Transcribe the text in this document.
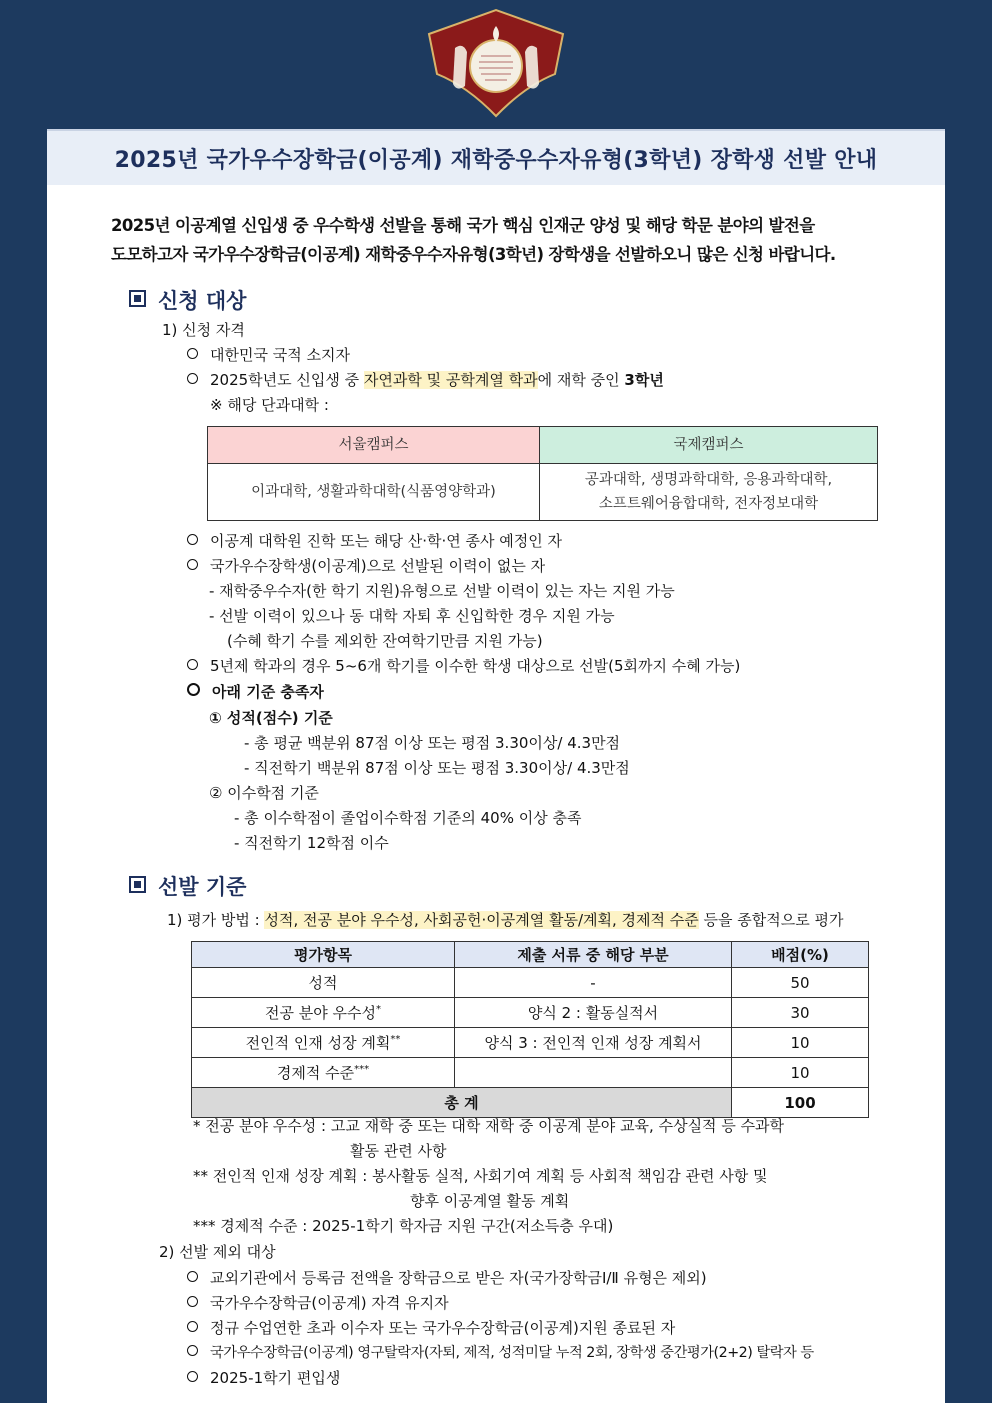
2025년 국가우수장학금(이공계) 재학중우수자유형(3학년) 장학생 선발 안내
2025년 이공계열 신입생 중 우수학생 선발을 통해 국가 핵심 인재군 양성 및 해당 학문 분야의 발전을
도모하고자 국가우수장학금(이공계) 재학중우수자유형(3학년) 장학생을 선발하오니 많은 신청 바랍니다.
신청 대상
1) 신청 자격
대한민국 국적 소지자
2025학년도 신입생 중 자연과학 및 공학계열 학과에 재학 중인 3학년
※ 해당 단과대학 :
서울캠퍼스	국제캠퍼스
이과대학, 생활과학대학(식품영양학과)	공과대학, 생명과학대학, 응용과학대학,
소프트웨어융합대학, 전자정보대학
이공계 대학원 진학 또는 해당 산·학·연 종사 예정인 자
국가우수장학생(이공계)으로 선발된 이력이 없는 자
- 재학중우수자(한 학기 지원)유형으로 선발 이력이 있는 자는 지원 가능
- 선발 이력이 있으나 동 대학 자퇴 후 신입학한 경우 지원 가능
(수혜 학기 수를 제외한 잔여학기만큼 지원 가능)
5년제 학과의 경우 5~6개 학기를 이수한 학생 대상으로 선발(5회까지 수혜 가능)
아래 기준 충족자
① 성적(점수) 기준
- 총 평균 백분위 87점 이상 또는 평점 3.30이상/ 4.3만점
- 직전학기 백분위 87점 이상 또는 평점 3.30이상/ 4.3만점
② 이수학점 기준
- 총 이수학점이 졸업이수학점 기준의 40% 이상 충족
- 직전학기 12학점 이수
선발 기준
1) 평가 방법 : 성적, 전공 분야 우수성, 사회공헌·이공계열 활동/계획, 경제적 수준 등을 종합적으로 평가
평가항목	제출 서류 중 해당 부분	배점(%)
성적	-	50
전공 분야 우수성*	양식 2 : 활동실적서	30
전인적 인재 성장 계획**	양식 3 : 전인적 인재 성장 계획서	10
경제적 수준***		10
총 계		100
* 전공 분야 우수성 : 고교 재학 중 또는 대학 재학 중 이공계 분야 교육, 수상실적 등 수과학
활동 관련 사항
** 전인적 인재 성장 계획 : 봉사활동 실적, 사회기여 계획 등 사회적 책임감 관련 사항 및
향후 이공계열 활동 계획
*** 경제적 수준 : 2025-1학기 학자금 지원 구간(저소득층 우대)
2) 선발 제외 대상
교외기관에서 등록금 전액을 장학금으로 받은 자(국가장학금Ⅰ/Ⅱ 유형은 제외)
국가우수장학금(이공계) 자격 유지자
정규 수업연한 초과 이수자 또는 국가우수장학금(이공계)지원 종료된 자
국가우수장학금(이공계) 영구탈락자(자퇴, 제적, 성적미달 누적 2회, 장학생 중간평가(2+2) 탈락자 등
2025-1학기 편입생
